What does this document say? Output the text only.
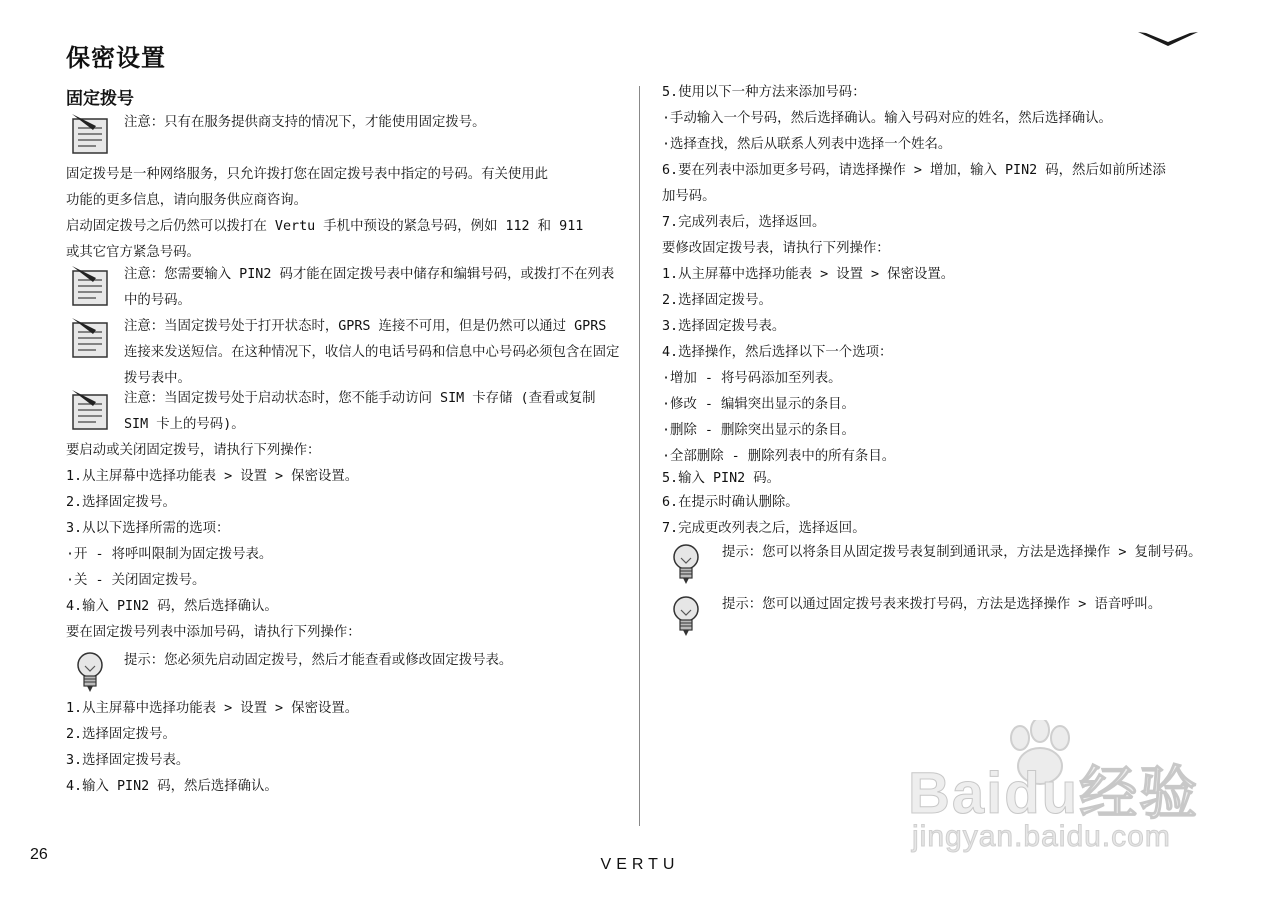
保密设置
固定拨号
注意：只有在服务提供商支持的情况下，才能使用固定拨号。
固定拨号是一种网络服务，只允许拨打您在固定拨号表中指定的号码。有关使用此
功能的更多信息，请向服务供应商咨询。
启动固定拨号之后仍然可以拨打在 Vertu 手机中预设的紧急号码，例如 112 和 911
或其它官方紧急号码。
注意：您需要输入 PIN2 码才能在固定拨号表中储存和编辑号码，或拨打不在列表中的号码。
注意：当固定拨号处于打开状态时，GPRS 连接不可用，但是仍然可以通过 GPRS 连接来发送短信。在这种情况下，收信人的电话号码和信息中心号码必须包含在固定拨号表中。
注意：当固定拨号处于启动状态时，您不能手动访问 SIM 卡存储 (查看或复制 SIM 卡上的号码)。
要启动或关闭固定拨号，请执行下列操作：
1.从主屏幕中选择功能表 > 设置 > 保密设置。
2.选择固定拨号。
3.从以下选择所需的选项：
·开 - 将呼叫限制为固定拨号表。
·关 - 关闭固定拨号。
4.输入 PIN2 码，然后选择确认。
要在固定拨号列表中添加号码，请执行下列操作：
提示：您必须先启动固定拨号，然后才能查看或修改固定拨号表。
1.从主屏幕中选择功能表 > 设置 > 保密设置。
2.选择固定拨号。
3.选择固定拨号表。
4.输入 PIN2 码，然后选择确认。
5.使用以下一种方法来添加号码：
·手动输入一个号码，然后选择确认。输入号码对应的姓名，然后选择确认。
·选择查找，然后从联系人列表中选择一个姓名。
6.要在列表中添加更多号码，请选择操作 > 增加，输入 PIN2 码，然后如前所述添
加号码。
7.完成列表后，选择返回。
要修改固定拨号表，请执行下列操作：
1.从主屏幕中选择功能表 > 设置 > 保密设置。
2.选择固定拨号。
3.选择固定拨号表。
4.选择操作，然后选择以下一个选项：
·增加 - 将号码添加至列表。
·修改 - 编辑突出显示的条目。
·删除 - 删除突出显示的条目。
·全部删除 - 删除列表中的所有条目。
5.输入 PIN2 码。
6.在提示时确认删除。
7.完成更改列表之后，选择返回。
提示：您可以将条目从固定拨号表复制到通讯录，方法是选择操作 > 复制号码。
提示：您可以通过固定拨号表来拨打号码，方法是选择操作 > 语音呼叫。
26
VERTU
Baidu经验
jingyan.baidu.com
